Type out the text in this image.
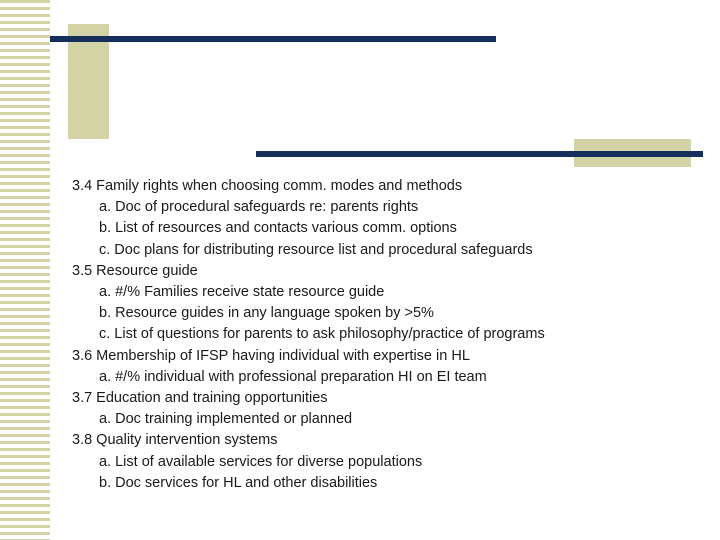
3.4 Family rights when choosing comm. modes and methods

a. Doc of procedural safeguards re: parents rights

b. List of resources and contacts various comm. options

c. Doc plans for distributing resource list and procedural safeguards

3.5 Resource guide

a. #/% Families receive state resource guide

b. Resource guides in any language spoken by >5%

c. List of questions for parents to ask philosophy/practice of programs

3.6 Membership of IFSP having individual with expertise in HL

a. #/% individual with professional preparation HI on EI team

3.7 Education and training opportunities

a. Doc training implemented or planned

3.8 Quality intervention systems

a. List of available services for diverse populations

b. Doc services for HL and other disabilities
